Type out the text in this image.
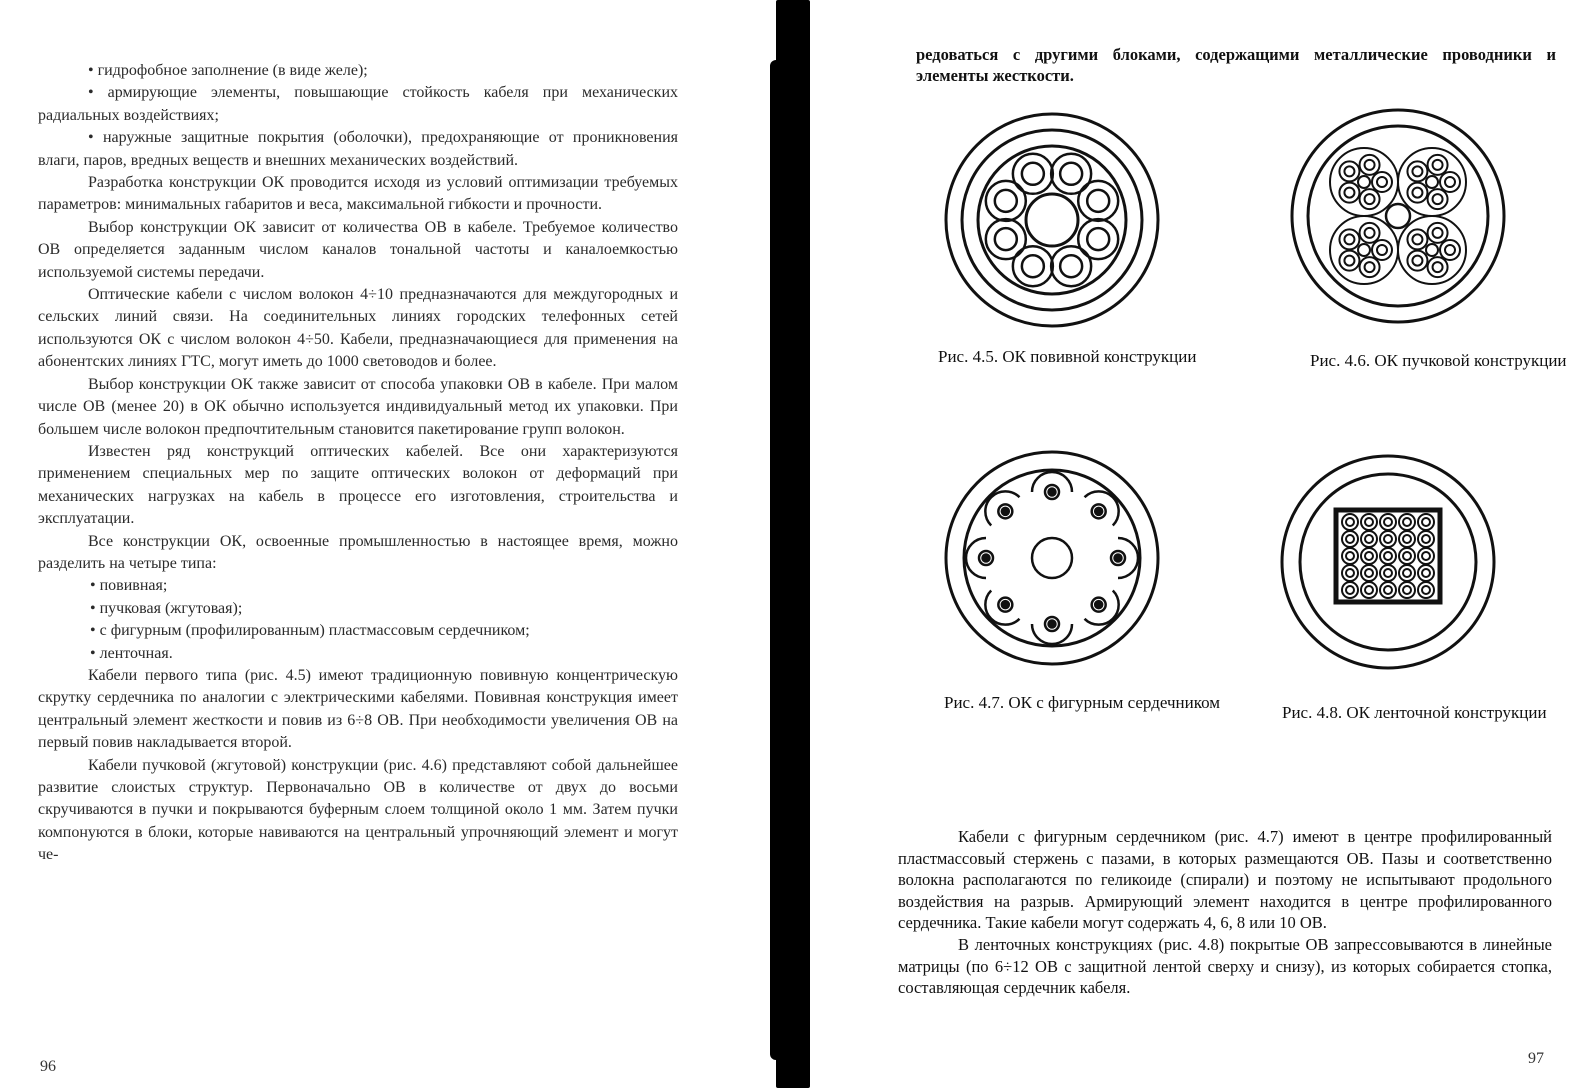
• гидрофобное заполнение (в виде желе);

• армирующие элементы, повышающие стойкость кабеля при механических радиальных воздействиях;

• наружные защитные покрытия (оболочки), предохраняющие от проникновения влаги, паров, вредных веществ и внешних механических воздействий.

Разработка конструкции ОК проводится исходя из условий оптимизации требуемых параметров: минимальных габаритов и веса, максимальной гибкости и прочности.

Выбор конструкции ОК зависит от количества ОВ в кабеле. Требуемое количество ОВ определяется заданным числом каналов тональной частоты и каналоемкостью используемой системы передачи.

Оптические кабели с числом волокон 4÷10 предназначаются для междугородных и сельских линий связи. На соединительных линиях городских телефонных сетей используются ОК с числом волокон 4÷50. Кабели, предназначающиеся для применения на абонентских линиях ГТС, могут иметь до 1000 световодов и более.

Выбор конструкции ОК также зависит от способа упаковки ОВ в кабеле. При малом числе ОВ (менее 20) в ОК обычно используется индивидуальный метод их упаковки. При большем числе волокон предпочтительным становится пакетирование групп волокон.

Известен ряд конструкций оптических кабелей. Все они характеризуются применением специальных мер по защите оптических волокон от деформаций при механических нагрузках на кабель в процессе его изготовления, строительства и эксплуатации.

Все конструкции ОК, освоенные промышленностью в настоящее время, можно разделить на четыре типа:

• повивная;

• пучковая (жгутовая);

• с фигурным (профилированным) пластмассовым сердечником;

• ленточная.

Кабели первого типа (рис. 4.5) имеют традиционную повивную концентрическую скрутку сердечника по аналогии с электрическими кабелями. Повивная конструкция имеет центральный элемент жесткости и повив из 6÷8 ОВ. При необходимости увеличения ОВ на первый повив накладывается второй.

Кабели пучковой (жгутовой) конструкции (рис. 4.6) представляют собой дальнейшее развитие слоистых структур. Первоначально ОВ в количестве от двух до восьми скручиваются в пучки и покрываются буферным слоем толщиной около 1 мм. Затем пучки компонуются в блоки, которые навиваются на центральный упрочняющий элемент и могут че-

96
редоваться с другими блоками, содержащими металлические проводники и элементы жесткости.
Рис. 4.5. ОК повивной конструкции	Рис. 4.6. ОК пучковой конструкции
Рис. 4.7. ОК с фигурным сердечником
Рис. 4.8. ОК ленточной конструкции

Кабели с фигурным сердечником (рис. 4.7) имеют в центре профилированный пластмассовый стержень с пазами, в которых размещаются ОВ. Пазы и соответственно волокна располагаются по геликоиде (спирали) и поэтому не испытывают продольного воздействия на разрыв. Армирующий элемент находится в центре профилированного сердечника. Такие кабели могут содержать 4, 6, 8 или 10 ОВ.

В ленточных конструкциях (рис. 4.8) покрытые ОВ запрессовываются в линейные матрицы (по 6÷12 ОВ с защитной лентой сверху и снизу), из которых собирается стопка, составляющая сердечник кабеля.

97
